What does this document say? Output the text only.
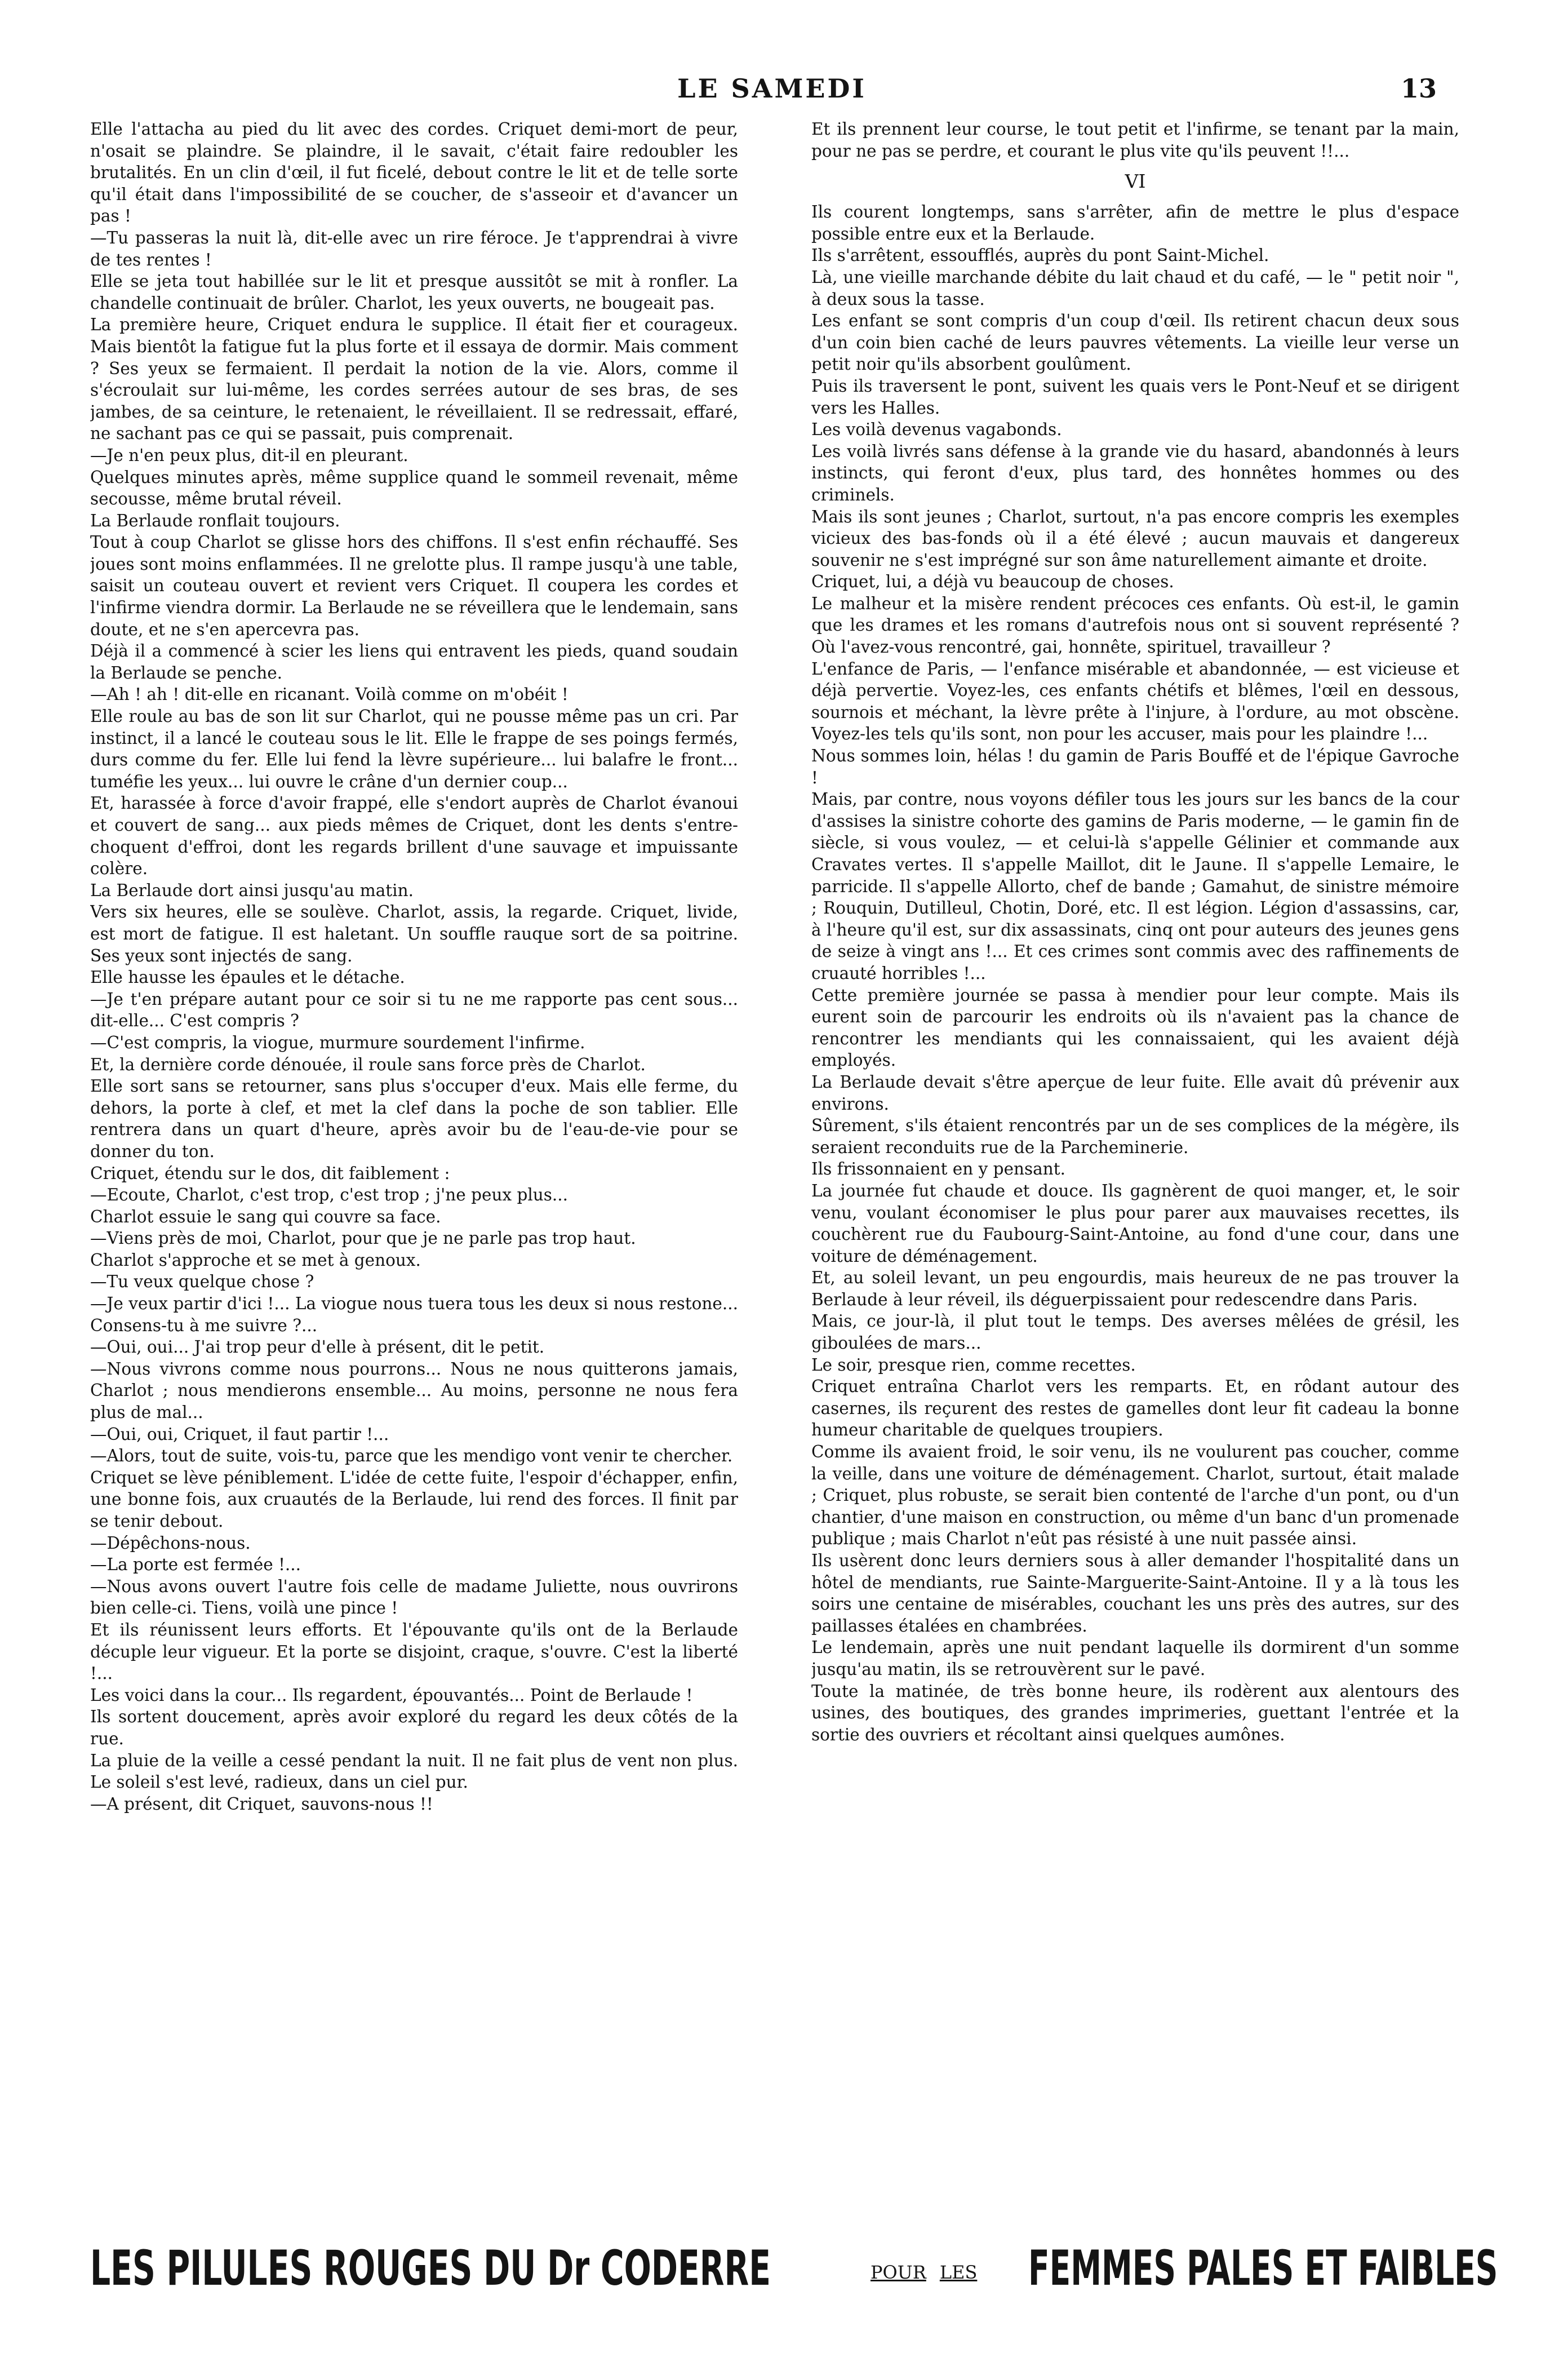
LE SAMEDI	13

Elle l'attacha au pied du lit avec des cordes. Criquet demi-mort de peur, n'osait se plaindre. Se plaindre, il le savait, c'était faire redoubler les brutalités. En un clin d'œil, il fut ficelé, debout contre le lit et de telle sorte qu'il était dans l'impossibilité de se coucher, de s'asseoir et d'avancer un pas !

—Tu passeras la nuit là, dit-elle avec un rire féroce. Je t'apprendrai à vivre de tes rentes !

Elle se jeta tout habillée sur le lit et presque aussitôt se mit à ronfler. La chandelle continuait de brûler. Charlot, les yeux ouverts, ne bougeait pas.

La première heure, Criquet endura le supplice. Il était fier et courageux. Mais bientôt la fatigue fut la plus forte et il essaya de dormir. Mais comment ? Ses yeux se fermaient. Il perdait la notion de la vie. Alors, comme il s'écroulait sur lui-même, les cordes serrées autour de ses bras, de ses jambes, de sa ceinture, le retenaient, le réveillaient. Il se redressait, effaré, ne sachant pas ce qui se passait, puis comprenait.

—Je n'en peux plus, dit-il en pleurant.

Quelques minutes après, même supplice quand le sommeil revenait, même secousse, même brutal réveil.

La Berlaude ronflait toujours.

Tout à coup Charlot se glisse hors des chiffons. Il s'est enfin réchauffé. Ses joues sont moins enflammées. Il ne grelotte plus. Il rampe jusqu'à une table, saisit un couteau ouvert et revient vers Criquet. Il coupera les cordes et l'infirme viendra dormir. La Berlaude ne se réveillera que le lendemain, sans doute, et ne s'en apercevra pas.

Déjà il a commencé à scier les liens qui entravent les pieds, quand soudain la Berlaude se penche.

—Ah ! ah ! dit-elle en ricanant. Voilà comme on m'obéit !

Elle roule au bas de son lit sur Charlot, qui ne pousse même pas un cri. Par instinct, il a lancé le couteau sous le lit. Elle le frappe de ses poings fermés, durs comme du fer. Elle lui fend la lèvre supérieure... lui balafre le front... tuméfie les yeux... lui ouvre le crâne d'un dernier coup...

Et, harassée à force d'avoir frappé, elle s'endort auprès de Charlot évanoui et couvert de sang... aux pieds mêmes de Criquet, dont les dents s'entre-choquent d'effroi, dont les regards brillent d'une sauvage et impuissante colère.

La Berlaude dort ainsi jusqu'au matin.

Vers six heures, elle se soulève. Charlot, assis, la regarde. Criquet, livide, est mort de fatigue. Il est haletant. Un souffle rauque sort de sa poitrine. Ses yeux sont injectés de sang.

Elle hausse les épaules et le détache.

—Je t'en prépare autant pour ce soir si tu ne me rapporte pas cent sous... dit-elle... C'est compris ?

—C'est compris, la viogue, murmure sourdement l'infirme.

Et, la dernière corde dénouée, il roule sans force près de Charlot.

Elle sort sans se retourner, sans plus s'occuper d'eux. Mais elle ferme, du dehors, la porte à clef, et met la clef dans la poche de son tablier. Elle rentrera dans un quart d'heure, après avoir bu de l'eau-de-vie pour se donner du ton.

Criquet, étendu sur le dos, dit faiblement :

—Ecoute, Charlot, c'est trop, c'est trop ; j'ne peux plus...

Charlot essuie le sang qui couvre sa face.

—Viens près de moi, Charlot, pour que je ne parle pas trop haut.

Charlot s'approche et se met à genoux.

—Tu veux quelque chose ?

—Je veux partir d'ici !... La viogue nous tuera tous les deux si nous restone... Consens-tu à me suivre ?...

—Oui, oui... J'ai trop peur d'elle à présent, dit le petit.

—Nous vivrons comme nous pourrons... Nous ne nous quitterons jamais, Charlot ; nous mendierons ensemble... Au moins, personne ne nous fera plus de mal...

—Oui, oui, Criquet, il faut partir !...

—Alors, tout de suite, vois-tu, parce que les mendigo vont venir te chercher.

Criquet se lève péniblement. L'idée de cette fuite, l'espoir d'échapper, enfin, une bonne fois, aux cruautés de la Berlaude, lui rend des forces. Il finit par se tenir debout.

—Dépêchons-nous.

—La porte est fermée !...

—Nous avons ouvert l'autre fois celle de madame Juliette, nous ouvrirons bien celle-ci. Tiens, voilà une pince !

Et ils réunissent leurs efforts. Et l'épouvante qu'ils ont de la Berlaude décuple leur vigueur. Et la porte se disjoint, craque, s'ouvre. C'est la liberté !...

Les voici dans la cour... Ils regardent, épouvantés... Point de Berlaude !

Ils sortent doucement, après avoir exploré du regard les deux côtés de la rue.

La pluie de la veille a cessé pendant la nuit. Il ne fait plus de vent non plus. Le soleil s'est levé, radieux, dans un ciel pur.

—A présent, dit Criquet, sauvons-nous !!

Et ils prennent leur course, le tout petit et l'infirme, se tenant par la main, pour ne pas se perdre, et courant le plus vite qu'ils peuvent !!...

VI

Ils courent longtemps, sans s'arrêter, afin de mettre le plus d'espace possible entre eux et la Berlaude.

Ils s'arrêtent, essoufflés, auprès du pont Saint-Michel.

Là, une vieille marchande débite du lait chaud et du café, — le " petit noir ", à deux sous la tasse.

Les enfant se sont compris d'un coup d'œil. Ils retirent chacun deux sous d'un coin bien caché de leurs pauvres vêtements. La vieille leur verse un petit noir qu'ils absorbent goulûment.

Puis ils traversent le pont, suivent les quais vers le Pont-Neuf et se dirigent vers les Halles.

Les voilà devenus vagabonds.

Les voilà livrés sans défense à la grande vie du hasard, abandonnés à leurs instincts, qui feront d'eux, plus tard, des honnêtes hommes ou des criminels.

Mais ils sont jeunes ; Charlot, surtout, n'a pas encore compris les exemples vicieux des bas-fonds où il a été élevé ; aucun mauvais et dangereux souvenir ne s'est imprégné sur son âme naturellement aimante et droite.

Criquet, lui, a déjà vu beaucoup de choses.

Le malheur et la misère rendent précoces ces enfants. Où est-il, le gamin que les drames et les romans d'autrefois nous ont si souvent représenté ? Où l'avez-vous rencontré, gai, honnête, spirituel, travailleur ?

L'enfance de Paris, — l'enfance misérable et abandonnée, — est vicieuse et déjà pervertie. Voyez-les, ces enfants chétifs et blêmes, l'œil en dessous, sournois et méchant, la lèvre prête à l'injure, à l'ordure, au mot obscène. Voyez-les tels qu'ils sont, non pour les accuser, mais pour les plaindre !...

Nous sommes loin, hélas ! du gamin de Paris Bouffé et de l'épique Gavroche !

Mais, par contre, nous voyons défiler tous les jours sur les bancs de la cour d'assises la sinistre cohorte des gamins de Paris moderne, — le gamin fin de siècle, si vous voulez, — et celui-là s'appelle Gélinier et commande aux Cravates vertes. Il s'appelle Maillot, dit le Jaune. Il s'appelle Lemaire, le parricide. Il s'appelle Allorto, chef de bande ; Gamahut, de sinistre mémoire ; Rouquin, Dutilleul, Chotin, Doré, etc. Il est légion. Légion d'assassins, car, à l'heure qu'il est, sur dix assassinats, cinq ont pour auteurs des jeunes gens de seize à vingt ans !... Et ces crimes sont commis avec des raffinements de cruauté horribles !...

Cette première journée se passa à mendier pour leur compte. Mais ils eurent soin de parcourir les endroits où ils n'avaient pas la chance de rencontrer les mendiants qui les connaissaient, qui les avaient déjà employés.

La Berlaude devait s'être aperçue de leur fuite. Elle avait dû prévenir aux environs.

Sûrement, s'ils étaient rencontrés par un de ses complices de la mégère, ils seraient reconduits rue de la Parcheminerie.

Ils frissonnaient en y pensant.

La journée fut chaude et douce. Ils gagnèrent de quoi manger, et, le soir venu, voulant économiser le plus pour parer aux mauvaises recettes, ils couchèrent rue du Faubourg-Saint-Antoine, au fond d'une cour, dans une voiture de déménagement.

Et, au soleil levant, un peu engourdis, mais heureux de ne pas trouver la Berlaude à leur réveil, ils déguerpissaient pour redescendre dans Paris.

Mais, ce jour-là, il plut tout le temps. Des averses mêlées de grésil, les giboulées de mars...

Le soir, presque rien, comme recettes.

Criquet entraîna Charlot vers les remparts. Et, en rôdant autour des casernes, ils reçurent des restes de gamelles dont leur fit cadeau la bonne humeur charitable de quelques troupiers.

Comme ils avaient froid, le soir venu, ils ne voulurent pas coucher, comme la veille, dans une voiture de déménagement. Charlot, surtout, était malade ; Criquet, plus robuste, se serait bien contenté de l'arche d'un pont, ou d'un chantier, d'une maison en construction, ou même d'un banc d'un promenade publique ; mais Charlot n'eût pas résisté à une nuit passée ainsi.

Ils usèrent donc leurs derniers sous à aller demander l'hospitalité dans un hôtel de mendiants, rue Sainte-Marguerite-Saint-Antoine. Il y a là tous les soirs une centaine de misérables, couchant les uns près des autres, sur des paillasses étalées en chambrées.

Le lendemain, après une nuit pendant laquelle ils dormirent d'un somme jusqu'au matin, ils se retrouvèrent sur le pavé.

Toute la matinée, de très bonne heure, ils rodèrent aux alentours des usines, des boutiques, des grandes imprimeries, guettant l'entrée et la sortie des ouvriers et récoltant ainsi quelques aumônes.

LES PILULES ROUGES DU Dr CODERRE	POUR LES FEMMES PALES ET FAIBLES
